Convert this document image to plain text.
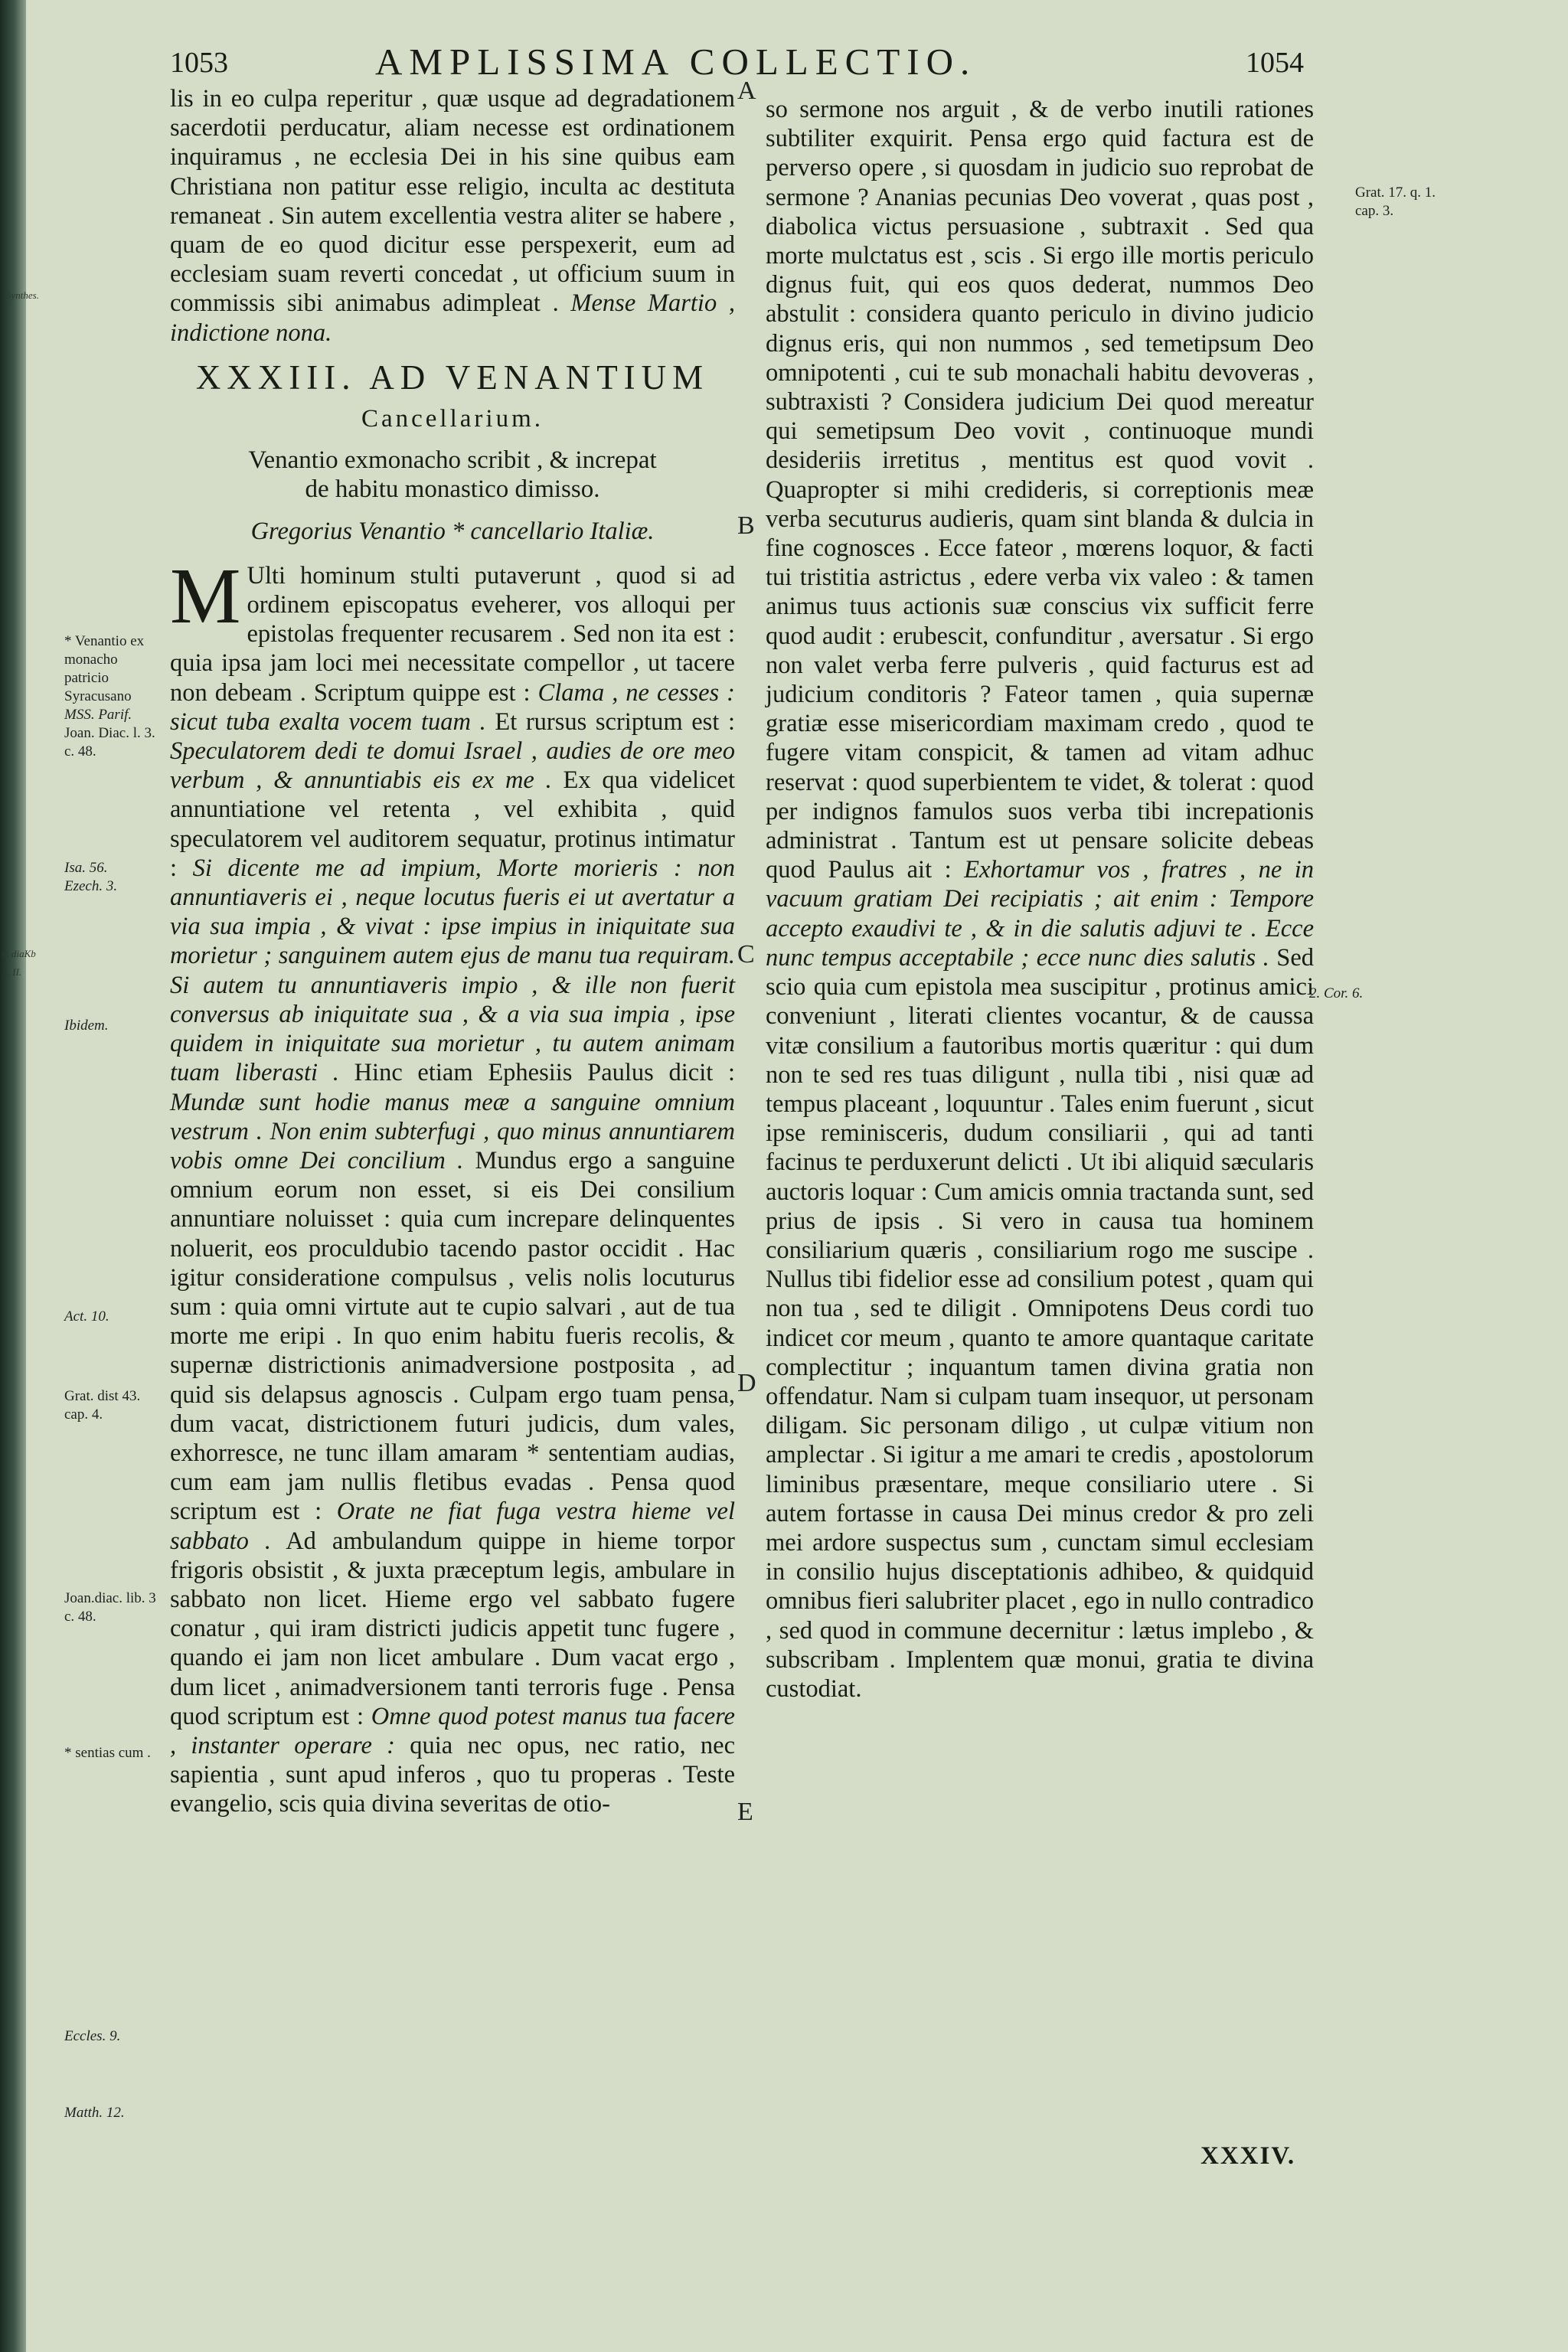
Synthes.
n. diaKb
c. II.
1053	AMPLISSIMA COLLECTIO.	1054

lis in eo culpa reperitur , quæ usque ad degradationem sacerdotii perducatur, aliam necesse est ordinationem inquiramus , ne ecclesia Dei in his sine quibus eam Christiana non patitur esse religio, inculta ac destituta remaneat . Sin autem excellentia vestra aliter se habere , quam de eo quod dicitur esse perspexerit, eum ad ecclesiam suam reverti concedat , ut officium suum in commissis sibi animabus adimpleat . Mense Martio , indictione nona.

XXXIII. AD VENANTIUM
Cancellarium.
Venantio exmonacho scribit , & increpat
de habitu monastico dimisso.
Gregorius Venantio * cancellario Italiæ.

M Ulti hominum stulti putaverunt , quod si ad ordinem episcopatus eveherer, vos alloqui per epistolas frequenter recusarem . Sed non ita est : quia ipsa jam loci mei necessitate compellor , ut tacere non debeam . Scriptum quippe est : Clama , ne cesses : sicut tuba exalta vocem tuam . Et rursus scriptum est : Speculatorem dedi te domui Israel , audies de ore meo verbum , & annuntiabis eis ex me . Ex qua videlicet annuntiatione vel retenta , vel exhibita , quid speculatorem vel auditorem sequatur, protinus intimatur : Si dicente me ad impium, Morte morieris : non annuntiaveris ei , neque locutus fueris ei ut avertatur a via sua impia , & vivat : ipse impius in iniquitate sua morietur ; sanguinem autem ejus de manu tua requiram. Si autem tu annuntiaveris impio , & ille non fuerit conversus ab iniquitate sua , & a via sua impia , ipse quidem in iniquitate sua morietur , tu autem animam tuam liberasti . Hinc etiam Ephesiis Paulus dicit : Mundæ sunt hodie manus meæ a sanguine omnium vestrum . Non enim subterfugi , quo minus annuntiarem vobis omne Dei concilium . Mundus ergo a sanguine omnium eorum non esset, si eis Dei consilium annuntiare noluisset : quia cum increpare delinquentes noluerit, eos proculdubio tacendo pastor occidit . Hac igitur consideratione compulsus , velis nolis locuturus sum : quia omni virtute aut te cupio salvari , aut de tua morte me eripi . In quo enim habitu fueris recolis, & supernæ districtionis animadversione postposita , ad quid sis delapsus agnoscis . Culpam ergo tuam pensa, dum vacat, districtionem futuri judicis, dum vales, exhorresce, ne tunc illam amaram * sententiam audias, cum eam jam nullis fletibus evadas . Pensa quod scriptum est : Orate ne fiat fuga vestra hieme vel sabbato . Ad ambulandum quippe in hieme torpor frigoris obsistit , & juxta præceptum legis, ambulare in sabbato non licet. Hieme ergo vel sabbato fugere conatur , qui iram districti judicis appetit tunc fugere , quando ei jam non licet ambulare . Dum vacat ergo , dum licet , animadversionem tanti terroris fuge . Pensa quod scriptum est : Omne quod potest manus tua facere , instanter operare : quia nec opus, nec ratio, nec sapientia , sunt apud inferos , quo tu properas . Teste evangelio, scis quia divina severitas de otio-

so sermone nos arguit , & de verbo inutili rationes subtiliter exquirit. Pensa ergo quid factura est de perverso opere , si quosdam in judicio suo reprobat de sermone ? Ananias pecunias Deo voverat , quas post , diabolica victus persuasione , subtraxit . Sed qua morte mulctatus est , scis . Si ergo ille mortis periculo dignus fuit, qui eos quos dederat, nummos Deo abstulit : considera quanto periculo in divino judicio dignus eris, qui non nummos , sed temetipsum Deo omnipotenti , cui te sub monachali habitu devoveras , subtraxisti ? Considera judicium Dei quod mereatur qui semetipsum Deo vovit , continuoque mundi desideriis irretitus , mentitus est quod vovit . Quapropter si mihi credideris, si correptionis meæ verba secuturus audieris, quam sint blanda & dulcia in fine cognosces . Ecce fateor , mœrens loquor, & facti tui tristitia astrictus , edere verba vix valeo : & tamen animus tuus actionis suæ conscius vix sufficit ferre quod audit : erubescit, confunditur , aversatur . Si ergo non valet verba ferre pulveris , quid facturus est ad judicium conditoris ? Fateor tamen , quia supernæ gratiæ esse misericordiam maximam credo , quod te fugere vitam conspicit, & tamen ad vitam adhuc reservat : quod superbientem te videt, & tolerat : quod per indignos famulos suos verba tibi increpationis administrat . Tantum est ut pensare solicite debeas quod Paulus ait : Exhortamur vos , fratres , ne in vacuum gratiam Dei recipiatis ; ait enim : Tempore accepto exaudivi te , & in die salutis adjuvi te . Ecce nunc tempus acceptabile ; ecce nunc dies salutis . Sed scio quia cum epistola mea suscipitur , protinus amici conveniunt , literati clientes vocantur, & de caussa vitæ consilium a fautoribus mortis quæritur : qui dum non te sed res tuas diligunt , nulla tibi , nisi quæ ad tempus placeant , loquuntur . Tales enim fuerunt , sicut ipse reminisceris, dudum consiliarii , qui ad tanti facinus te perduxerunt delicti . Ut ibi aliquid sæcularis auctoris loquar : Cum amicis omnia tractanda sunt, sed prius de ipsis . Si vero in causa tua hominem consiliarium quæris , consiliarium rogo me suscipe . Nullus tibi fidelior esse ad consilium potest , quam qui non tua , sed te diligit . Omnipotens Deus cordi tuo indicet cor meum , quanto te amore quantaque caritate complectitur ; inquantum tamen divina gratia non offendatur. Nam si culpam tuam insequor, ut personam diligam. Sic personam diligo , ut culpæ vitium non amplectar . Si igitur a me amari te credis , apostolorum liminibus præsentare, meque consiliario utere . Si autem fortasse in causa Dei minus credor & pro zeli mei ardore suspectus sum , cunctam simul ecclesiam in consilio hujus disceptationis adhibeo, & quidquid omnibus fieri salubriter placet , ego in nullo contradico , sed quod in commune decernitur : lætus implebo , & subscribam . Implentem quæ monui, gratia te divina custodiat.

* Venantio ex monacho patricio Syracusano
MSS. Parif.
Joan. Diac. l. 3. c. 48.
Isa. 56.
Ezech. 3.
Ibidem.
Act. 10.
Grat. dist 43. cap. 4.
Joan.diac. lib. 3 c. 48.
* sentias cum .
Eccles. 9.
Matth. 12.
Grat. 17. q. 1. cap. 3.
2. Cor. 6.
A
B
C
D
E
XXXIV.
